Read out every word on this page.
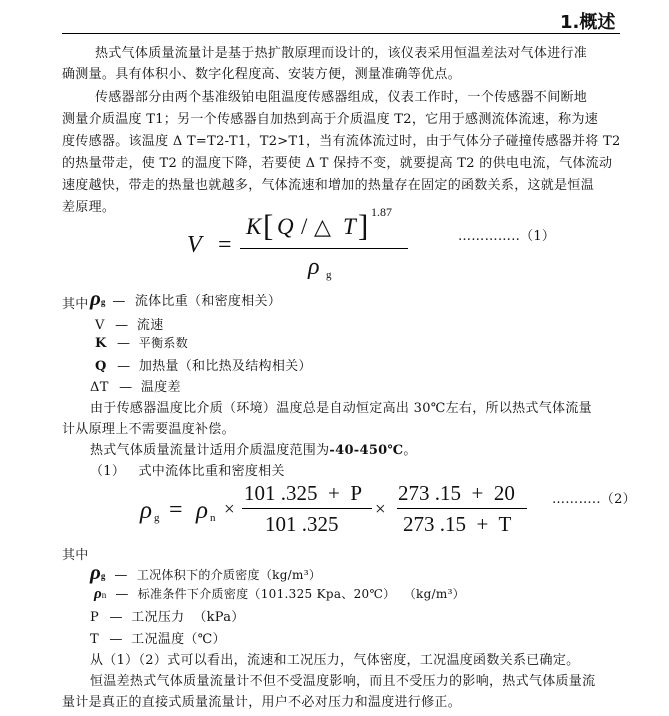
1.概述
热式气体质量流量计是基于热扩散原理而设计的，该仪表采用恒温差法对气体进行准
确测量。具有体积小、数字化程度高、安装方便，测量准确等优点。
传感器部分由两个基准级铂电阻温度传感器组成，仪表工作时，一个传感器不间断地
测量介质温度 T1；另一个传感器自加热到高于介质温度 T2，它用于感测流体流速，称为速
度传感器。该温度 Δ T=T2-T1，T2>T1，当有流体流过时，由于气体分子碰撞传感器并将 T2
的热量带走，使 T2 的温度下降，若要使 Δ T 保持不变，就要提高 T2 的供电电流，气体流动
速度越快，带走的热量也就越多，气体流速和增加的热量存在固定的函数关系，这就是恒温
差原理。
V =
K [ Q / △ T ] 1.87
ρ g
…………..（1）
其中 ρg — 流体比重（和密度相关）
V — 流速
K — 平衡系数
Q — 加热量（和比热及结构相关）
ΔT — 温度差
由于传感器温度比介质（环境）温度总是自动恒定高出 30℃左右，所以热式气体流量
计从原理上不需要温度补偿。
热式气体质量流量计适用介质温度范围为-40-450℃。
（1）   式中流体比重和密度相关
ρ g = ρ n ×
101 .325  +  P
101 .325
×
273 .15  +  20
273 .15  +  T
………..（2）
其中
ρg — 工况体积下的介质密度（kg/m³）
ρn — 标准条件下介质密度（101.325 Kpa、20℃）  （kg/m³）
P — 工况压力  （kPa）
T — 工况温度（℃）
从（1）（2）式可以看出，流速和工况压力，气体密度，工况温度函数关系已确定。
恒温差热式气体质量流量计不但不受温度影响，而且不受压力的影响，热式气体质量流
量计是真正的直接式质量流量计，用户不必对压力和温度进行修正。
